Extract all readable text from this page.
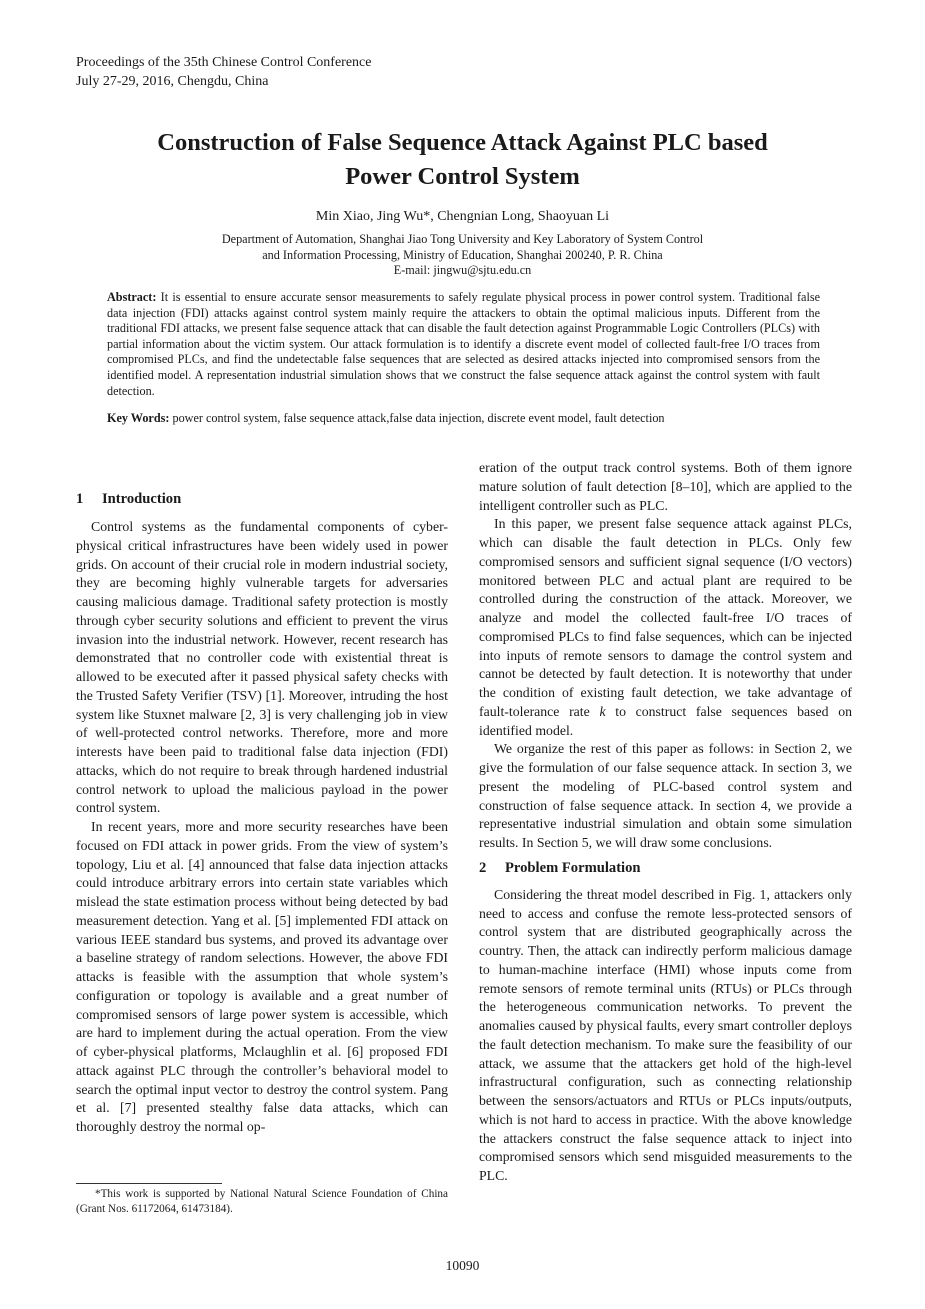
Proceedings of the 35th Chinese Control Conference
July 27-29, 2016, Chengdu, China
Construction of False Sequence Attack Against PLC based
Power Control System
Min Xiao, Jing Wu*, Chengnian Long, Shaoyuan Li
Department of Automation, Shanghai Jiao Tong University and Key Laboratory of System Control
and Information Processing, Ministry of Education, Shanghai 200240, P. R. China
E-mail: jingwu@sjtu.edu.cn
Abstract: It is essential to ensure accurate sensor measurements to safely regulate physical process in power control system. Traditional false data injection (FDI) attacks against control system mainly require the attackers to obtain the optimal malicious inputs. Different from the traditional FDI attacks, we present false sequence attack that can disable the fault detection against Programmable Logic Controllers (PLCs) with partial information about the victim system. Our attack formulation is to identify a discrete event model of collected fault-free I/O traces from compromised PLCs, and find the undetectable false sequences that are selected as desired attacks injected into compromised sensors from the identified model. A representation industrial simulation shows that we construct the false sequence attack against the control system with fault detection.
Key Words: power control system, false sequence attack,false data injection, discrete event model, fault detection
1 Introduction

Control systems as the fundamental components of cyber-physical critical infrastructures have been widely used in power grids. On account of their crucial role in modern industrial society, they are becoming highly vulnerable targets for adversaries causing malicious damage. Traditional safety protection is mostly through cyber security solutions and efficient to prevent the virus invasion into the industrial network. However, recent research has demonstrated that no controller code with existential threat is allowed to be executed after it passed physical safety checks with the Trusted Safety Verifier (TSV) [1]. Moreover, intruding the host system like Stuxnet malware [2, 3] is very challenging job in view of well-protected control networks. Therefore, more and more interests have been paid to traditional false data injection (FDI) attacks, which do not require to break through hardened industrial control network to upload the malicious payload in the power control system.

In recent years, more and more security researches have been focused on FDI attack in power grids. From the view of system’s topology, Liu et al. [4] announced that false data injection attacks could introduce arbitrary errors into certain state variables which mislead the state estimation process without being detected by bad measurement detection. Yang et al. [5] implemented FDI attack on various IEEE standard bus systems, and proved its advantage over a baseline strategy of random selections. However, the above FDI attacks is feasible with the assumption that whole system’s configuration or topology is available and a great number of compromised sensors of large power system is accessible, which are hard to implement during the actual operation. From the view of cyber-physical platforms, Mclaughlin et al. [6] proposed FDI attack against PLC through the controller’s behavioral model to search the optimal input vector to destroy the control system. Pang et al. [7] presented stealthy false data attacks, which can thoroughly destroy the normal op-

*This work is supported by National Natural Science Foundation of China (Grant Nos. 61172064, 61473184).

eration of the output track control systems. Both of them ignore mature solution of fault detection [8–10], which are applied to the intelligent controller such as PLC.

In this paper, we present false sequence attack against PLCs, which can disable the fault detection in PLCs. Only few compromised sensors and sufficient signal sequence (I/O vectors) monitored between PLC and actual plant are required to be controlled during the construction of the attack. Moreover, we analyze and model the collected fault-free I/O traces of compromised PLCs to find false sequences, which can be injected into inputs of remote sensors to damage the control system and cannot be detected by fault detection. It is noteworthy that under the condition of existing fault detection, we take advantage of fault-tolerance rate k to construct false sequences based on identified model.

We organize the rest of this paper as follows: in Section 2, we give the formulation of our false sequence attack. In section 3, we present the modeling of PLC-based control system and construction of false sequence attack. In section 4, we provide a representative industrial simulation and obtain some simulation results. In Section 5, we will draw some conclusions.

2 Problem Formulation

Considering the threat model described in Fig. 1, attackers only need to access and confuse the remote less-protected sensors of control system that are distributed geographically across the country. Then, the attack can indirectly perform malicious damage to human-machine interface (HMI) whose inputs come from remote sensors of remote terminal units (RTUs) or PLCs through the heterogeneous communication networks. To prevent the anomalies caused by physical faults, every smart controller deploys the fault detection mechanism. To make sure the feasibility of our attack, we assume that the attackers get hold of the high-level infrastructural configuration, such as connecting relationship between the sensors/actuators and RTUs or PLCs inputs/outputs, which is not hard to access in practice. With the above knowledge the attackers construct the false sequence attack to inject into compromised sensors which send misguided measurements to the PLC.

10090
